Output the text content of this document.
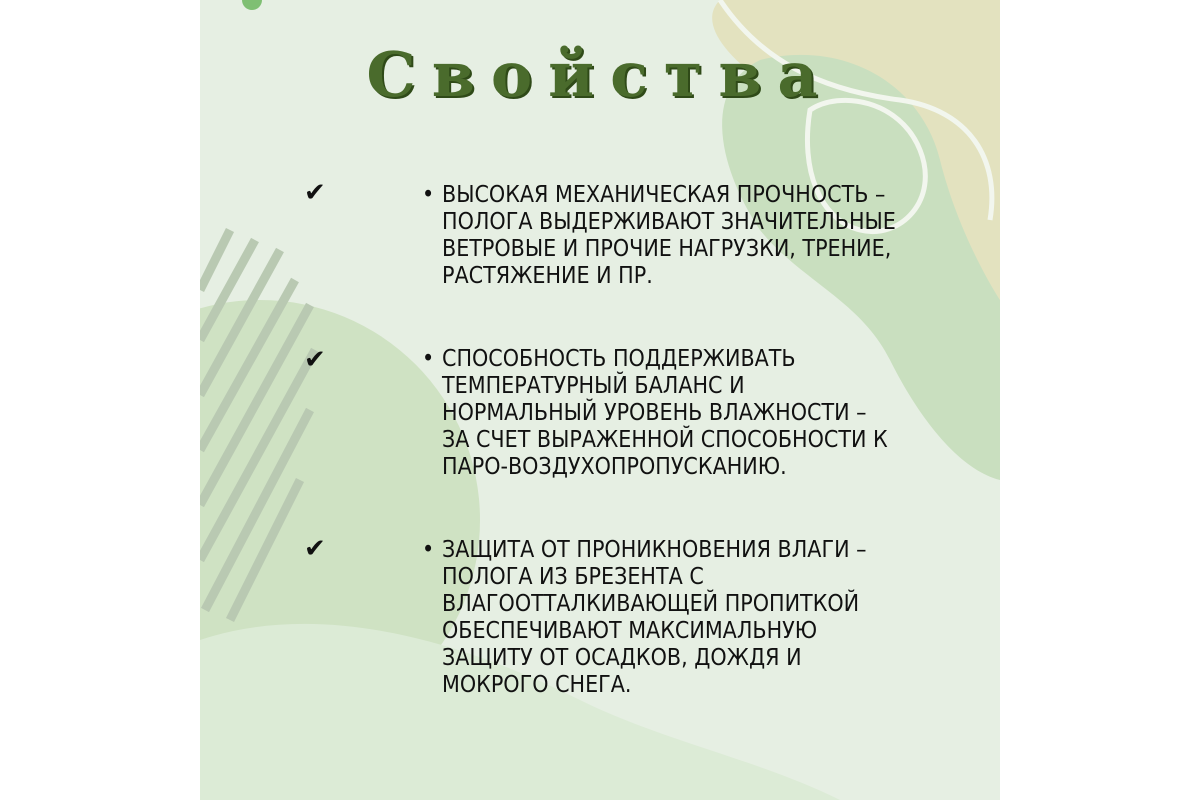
Свойства
✔	• ВЫСОКАЯ МЕХАНИЧЕСКАЯ ПРОЧНОСТЬ –
ПОЛОГA ВЫДЕРЖИВАЮТ ЗНАЧИТЕЛЬНЫЕ
ВЕТРОВЫЕ И ПРОЧИЕ НАГРУЗКИ, ТРЕНИЕ,
РАСТЯЖЕНИЕ И ПР.
✔	• СПОСОБНОСТЬ ПОДДЕРЖИВАТЬ
ТЕМПЕРАТУРНЫЙ БАЛАНС И
НОРМАЛЬНЫЙ УРОВЕНЬ ВЛАЖНОСТИ –
ЗА СЧЕТ ВЫРАЖЕННОЙ СПОСОБНОСТИ К
ПАРО-ВОЗДУХОПРОПУСКАНИЮ.
✔	• ЗАЩИТА ОТ ПРОНИКНОВЕНИЯ ВЛАГИ –
ПОЛОГA ИЗ БРЕЗЕНТА С
ВЛАГООТТАЛКИВАЮЩЕЙ ПРОПИТКОЙ
ОБЕСПЕЧИВАЮТ МАКСИМАЛЬНУЮ
ЗАЩИТУ ОТ ОСАДКОВ, ДОЖДЯ И
МОКРОГО СНЕГА.
